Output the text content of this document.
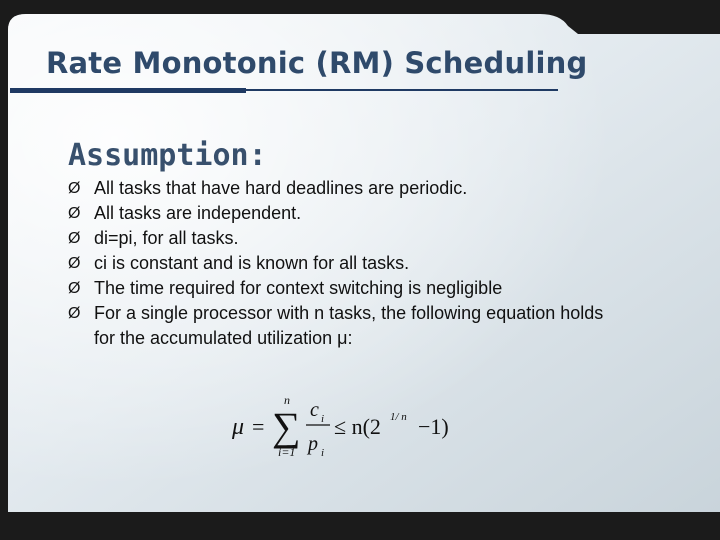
Rate Monotonic (RM) Scheduling
Assumption:
Ø All tasks that have hard deadlines are periodic.
Ø All tasks are independent.
Ø di=pi, for all tasks.
Ø ci is constant and is known for all tasks.
Ø The time required for context switching is negligible
Ø For a single processor with n tasks, the following equation holds for the accumulated utilization μ:
μ = ∑
n
i=1
c i
p i
≤ n(2 1/ n −1)
